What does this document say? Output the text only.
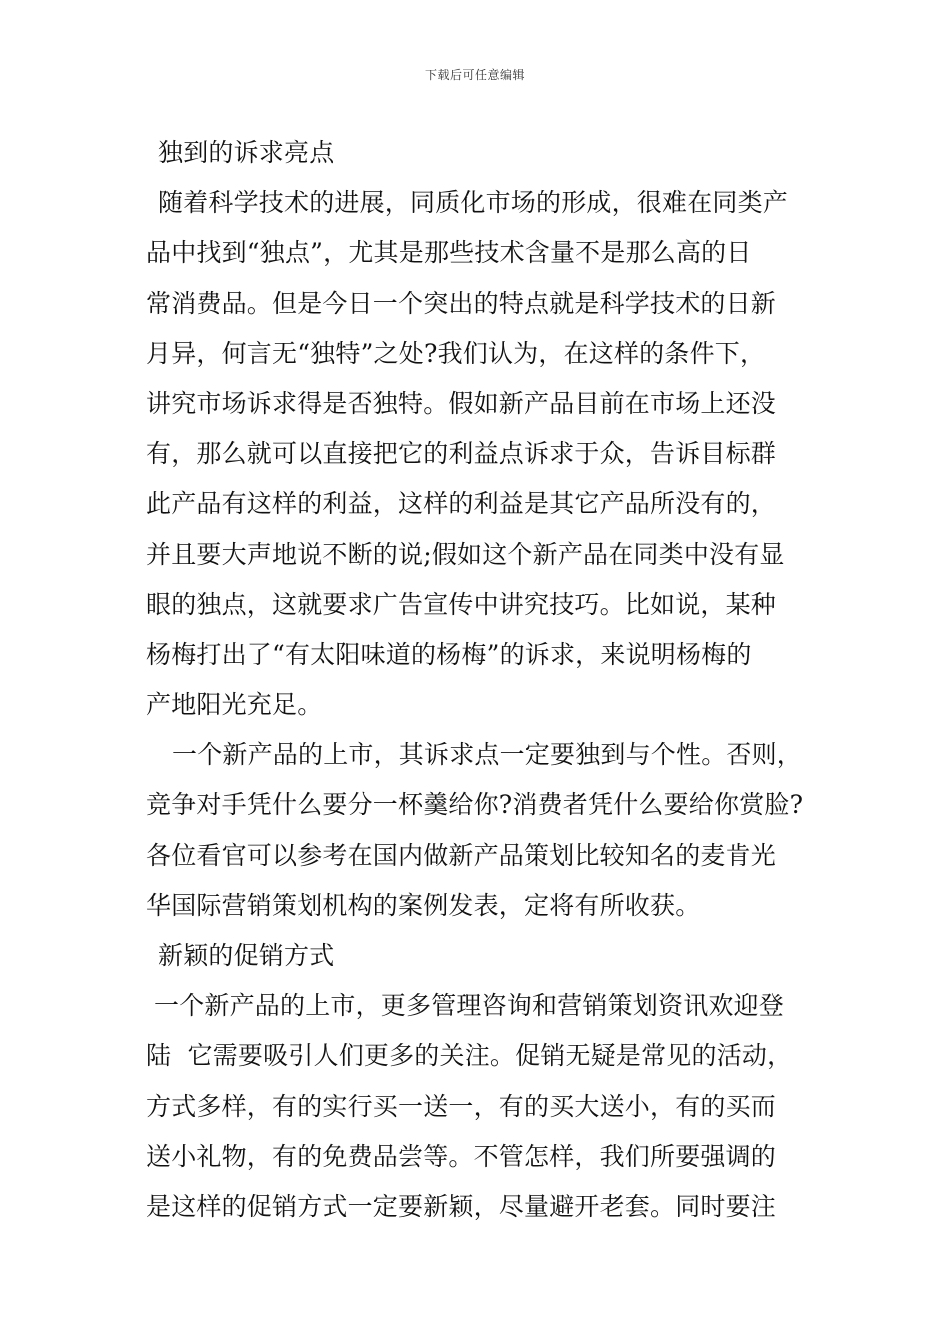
下载后可任意编辑
独到的诉求亮点
随着科学技术的进展，同质化市场的形成，很难在同类产
品中找到“独点”，尤其是那些技术含量不是那么高的日
常消费品。但是今日一个突出的特点就是科学技术的日新
月异，何言无“独特”之处?我们认为，在这样的条件下，
讲究市场诉求得是否独特。假如新产品目前在市场上还没
有，那么就可以直接把它的利益点诉求于众，告诉目标群
此产品有这样的利益，这样的利益是其它产品所没有的，
并且要大声地说不断的说;假如这个新产品在同类中没有显
眼的独点，这就要求广告宣传中讲究技巧。比如说，某种
杨梅打出了“有太阳味道的杨梅”的诉求，来说明杨梅的
产地阳光充足。
一个新产品的上市，其诉求点一定要独到与个性。否则，
竞争对手凭什么要分一杯羹给你?消费者凭什么要给你赏脸?
各位看官可以参考在国内做新产品策划比较知名的麦肯光
华国际营销策划机构的案例发表，定将有所收获。
新颖的促销方式
一个新产品的上市，更多管理咨询和营销策划资讯欢迎登
陆  它需要吸引人们更多的关注。促销无疑是常见的活动，
方式多样，有的实行买一送一，有的买大送小，有的买而
送小礼物，有的免费品尝等。不管怎样，我们所要强调的
是这样的促销方式一定要新颖，尽量避开老套。同时要注
